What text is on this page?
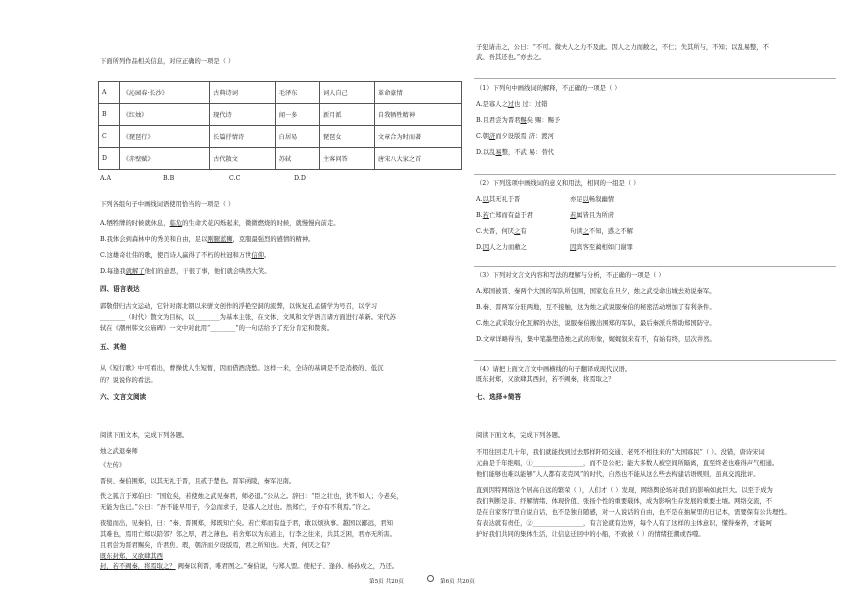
下面所列作品相关信息，对应正确的一项是（ ）
A	《沁园春·长沙》	古典诗词	毛泽东	词人自己	革命豪情
B	《红烛》	现代诗	闻一多	新月派	自我牺牲精神
C	《琵琶行》	长篇抒情诗	白居易	琵琶女	文章合为时而著
D	《赤壁赋》	古代散文	苏轼	主客问答	唐宋八大家之首
A.A	B.B	C.C	D.D
下列各组句子中画线词语使用恰当的一项是（ ）
A.牺牲牌的时候就休息，临危的生命犬花闪烁起来，微微燃烧的时候，就慢慢向前走。
B.我体会到森林中的秀美和自由，足以刚腿蓝狮，克服最强烈的感情的精神。
C.这雄奇壮伟的歌，使百诗人赢得了不朽的杜冠和万世信仰。
D.每逢我就解了他们的意思，干很了事，他们就会哄然大笑。
四、语言表达
郭敬借归古文运动，它针对南北朝以来骈文创作的浮艳空洞的流弊，以恢复孔孟儒学为号召，以学习
________（时代）散文为目标，以________为基本主张，在文体、文风和文学语言诸方面进行革新。宋代苏
轼在《潮州韩文公庙碑》一文中对此用“________”的一句话给予了充分肯定和赞赏。
五、其他
从《短行歌》中可看出，曹操优人生短暂，因而借酒浇愁。这样一来，全诗的基调是不是消极的、低沉
的？说说你的看法。
六、文言文阅读
阅读下面文本，完成下列各题。
烛之武退秦师
《左传》
晋侯、秦伯围郑，以其无礼于晋，且贰于楚也。晋军函陵，秦军氾南。
佚之狐言于郑伯曰：“国危矣，若使烛之武见秦君，师必退。”公从之。辞曰：“臣之壮也，犹不如人；今老矣，
无能为也已。”公曰：“吾不能早用子，今急而求子，是寡人之过也。然郑亡，子亦有不利焉。”许之。
夜缒而出，见秦伯，曰：“秦、晋围郑，郑既知亡矣。若亡郑而有益于君，敢以烦执事。越国以鄙远，君知
其难也，焉用亡郑以陪邻？邻之厚，君之薄也。若舍郑以为东道主，行李之往来，共其乏困，君亦无所害。
且君尝为晋君赐矣，许君焦、瑕，朝济而夕设版焉，君之所知也。夫晋，何厌之有？
既东封郑，又欲肆其西
封，若不阙秦，将焉取之？ 阙秦以利晋，唯君图之。”秦伯说，与郑人盟。使杞子、逢孙、杨孙戍之，乃还。
第5页 共20页
子犯请击之，公曰：“不可。微夫人之力不及此。因人之力而敝之，不仁；失其所与，不知；以乱易整，不
武。吾其还也。”亦去之。
（1）下列句中画线词的解释，不正确的一项是（ ）
A.是寡人之过也 过：过错
B.且君尝为晋君赐矣 赐：赐予
C.朝济而夕设版焉 济：渡河
D.以乱易整，不武 易：替代
（2）下列选项中画线词的意义和用法，相同的一组是（ ）
A.以其无礼于晋	亦足以畅叙幽情
B.若亡郑而有益于君	若属皆且为所虏
C.夫晋，何厌之有	句读之不知，惑之不解
D.因人之力而敝之	因宾客至蔺相如门谢罪
（3）下列对文言文内容和写法的理解与分析，不正确的一项是（ ）
A.郑国被晋、秦两个大国的军队所包围，国家危在旦夕，烛之武受命出城去劝说秦军。
B.秦、晋两军分驻两地，互不接触，这为烛之武说服秦伯的秘密活动增加了有利条件。
C.烛之武采取分化瓦解的办法，说服秦伯撤出围郑的军队，最后秦派兵帮助郑国防守。
D.文章详略得当，集中笔墨塑造烛之武的形象，娓娓叙来有不，有始有终，层次井然。
（4）请把上面文言文中画横线的句子翻译成现代汉语。
既东封郑，又欲肆其西封，若不阙秦，将焉取之？
七、选择+简答
阅读下面文本，完成下列各题。
不用往回走几十年，我们就能找到过去那样阡陌交通、老死不相往来的“大国寡民”（ ）。没错，唐诗宋词
元曲是千年绝唱，①________________，而不是公祀；能大多数人被空间所隔离，直至终老也难得声气相通。
他们能够也难以能够“人人都有麦克风”的时代，自然也不能从这么些去构建话语规则，虽真交流批评。
直到因特网络这个居高自远的繁荣（ ），人们才（ ）发现，网络舆论场对我们的影响如此巨大。以至于成为
我们判断是非、纾解情绪、体现价值、张扬个性的重要载体，成为影响生存发展的重要土壤。网络交流，不
是在自家客厅里自说自话，也不是独自随感，对一人说话的自由，也不是在抽屉里的日记本，需要保有公共理性。
有表达就有责任，②________________，有言论就有边界，每个人有了这样的主体意识，懂得秦养，才能呵
护好我们共同的集体生活，让信息迁回中的小船，不致被（ ）的情绪狂潮或吞噬。
第6页 共20页
